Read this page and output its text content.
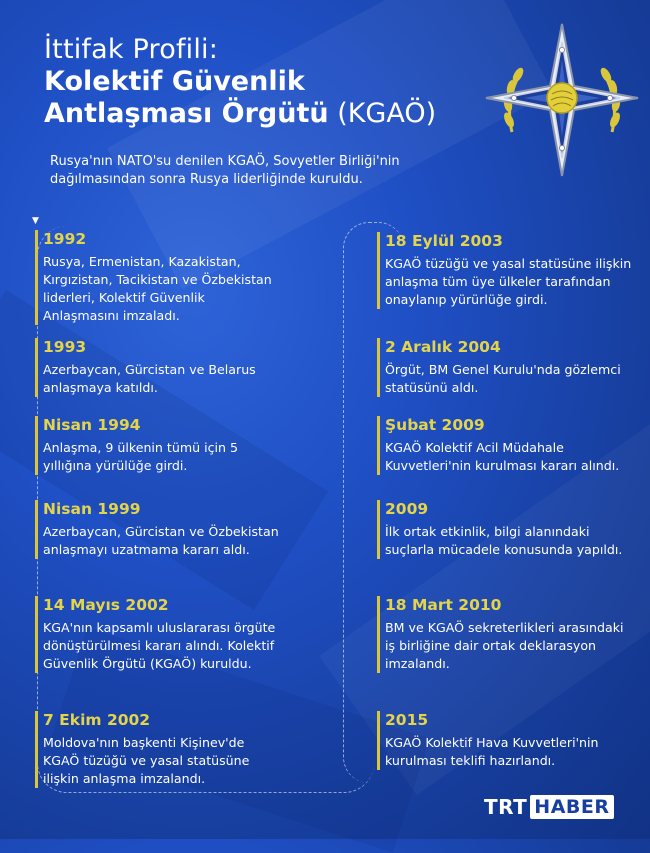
İttifak Profili:
Kolektif Güvenlik
Antlaşması Örgütü (KGAÖ)
Rusya'nın NATO'su denilen KGAÖ, Sovyetler Birliği'nin dağılmasından sonra Rusya liderliğinde kuruldu.
▼
1992
Rusya, Ermenistan, Kazakistan, Kırgızistan, Tacikistan ve Özbekistan liderleri, Kolektif Güvenlik Anlaşmasını imzaladı.
1993
Azerbaycan, Gürcistan ve Belarus anlaşmaya katıldı.
Nisan 1994
Anlaşma, 9 ülkenin tümü için 5 yıllığına yürülüğe girdi.
Nisan 1999
Azerbaycan, Gürcistan ve Özbekistan anlaşmayı uzatmama kararı aldı.
14 Mayıs 2002
KGA'nın kapsamlı uluslararası örgüte dönüştürülmesi kararı alındı. Kolektif Güvenlik Örgütü (KGAÖ) kuruldu.
7 Ekim 2002
Moldova'nın başkenti Kişinev'de KGAÖ tüzüğü ve yasal statüsüne ilişkin anlaşma imzalandı.
18 Eylül 2003
KGAÖ tüzüğü ve yasal statüsüne ilişkin anlaşma tüm üye ülkeler tarafından onaylanıp yürürlüğe girdi.
2 Aralık 2004
Örgüt, BM Genel Kurulu'nda gözlemci statüsünü aldı.
Şubat 2009
KGAÖ Kolektif Acil Müdahale Kuvvetleri'nin kurulması kararı alındı.
2009
İlk ortak etkinlik, bilgi alanındaki suçlarla mücadele konusunda yapıldı.
18 Mart 2010
BM ve KGAÖ sekreterlikleri arasındaki iş birliğine dair ortak deklarasyon imzalandı.
2015
KGAÖ Kolektif Hava Kuvvetleri'nin kurulması teklifi hazırlandı.
TRT HABER
